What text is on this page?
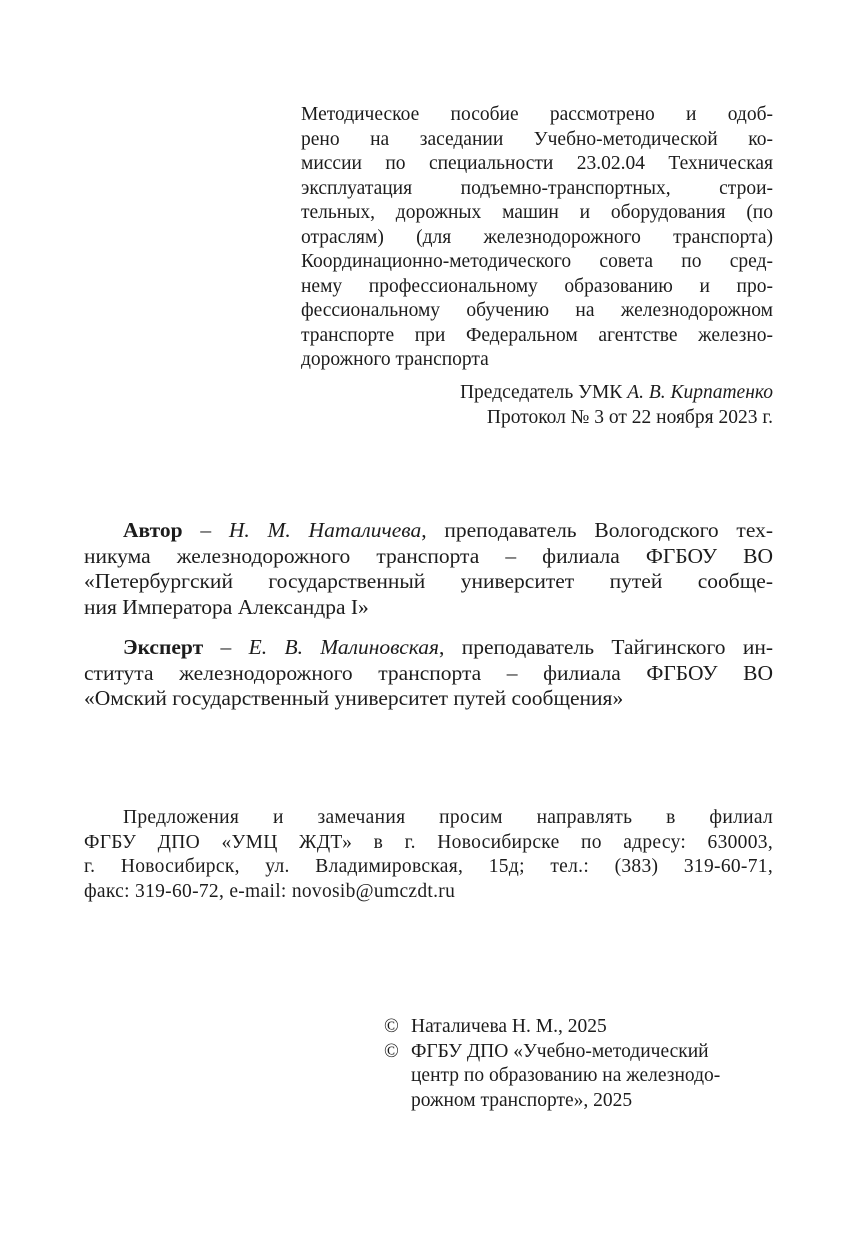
Методическое пособие рассмотрено и одоб-
рено на заседании Учебно-методической ко-
миссии по специальности 23.02.04 Техническая
эксплуатация подъемно-транспортных, строи-
тельных, дорожных машин и оборудования (по
отраслям) (для железнодорожного транспорта)
Координационно-методического совета по сред-
нему профессиональному образованию и про-
фессиональному обучению на железнодорожном
транспорте при Федеральном агентстве железно-
дорожного транспорта
Председатель УМК А. В. Кирпатенко
Протокол № 3 от 22 ноября 2023 г.
Автор – Н. М. Наталичева, преподаватель Вологодского тех-
никума железнодорожного транспорта – филиала ФГБОУ ВО
«Петербургский государственный университет путей сообще-
ния Императора Александра I»
Эксперт – Е. В. Малиновская, преподаватель Тайгинского ин-
ститута железнодорожного транспорта – филиала ФГБОУ ВО
«Омский государственный университет путей сообщения»
Предложения и замечания просим направлять в филиал
ФГБУ ДПО «УМЦ ЖДТ» в г. Новосибирске по адресу: 630003,
г. Новосибирск, ул. Владимировская, 15д; тел.: (383) 319-60-71,
факс: 319-60-72, e-mail: novosib@umczdt.ru
© Наталичева Н. М., 2025
© ФГБУ ДПО «Учебно-методический
центр по образованию на железнодо-
рожном транспорте», 2025
